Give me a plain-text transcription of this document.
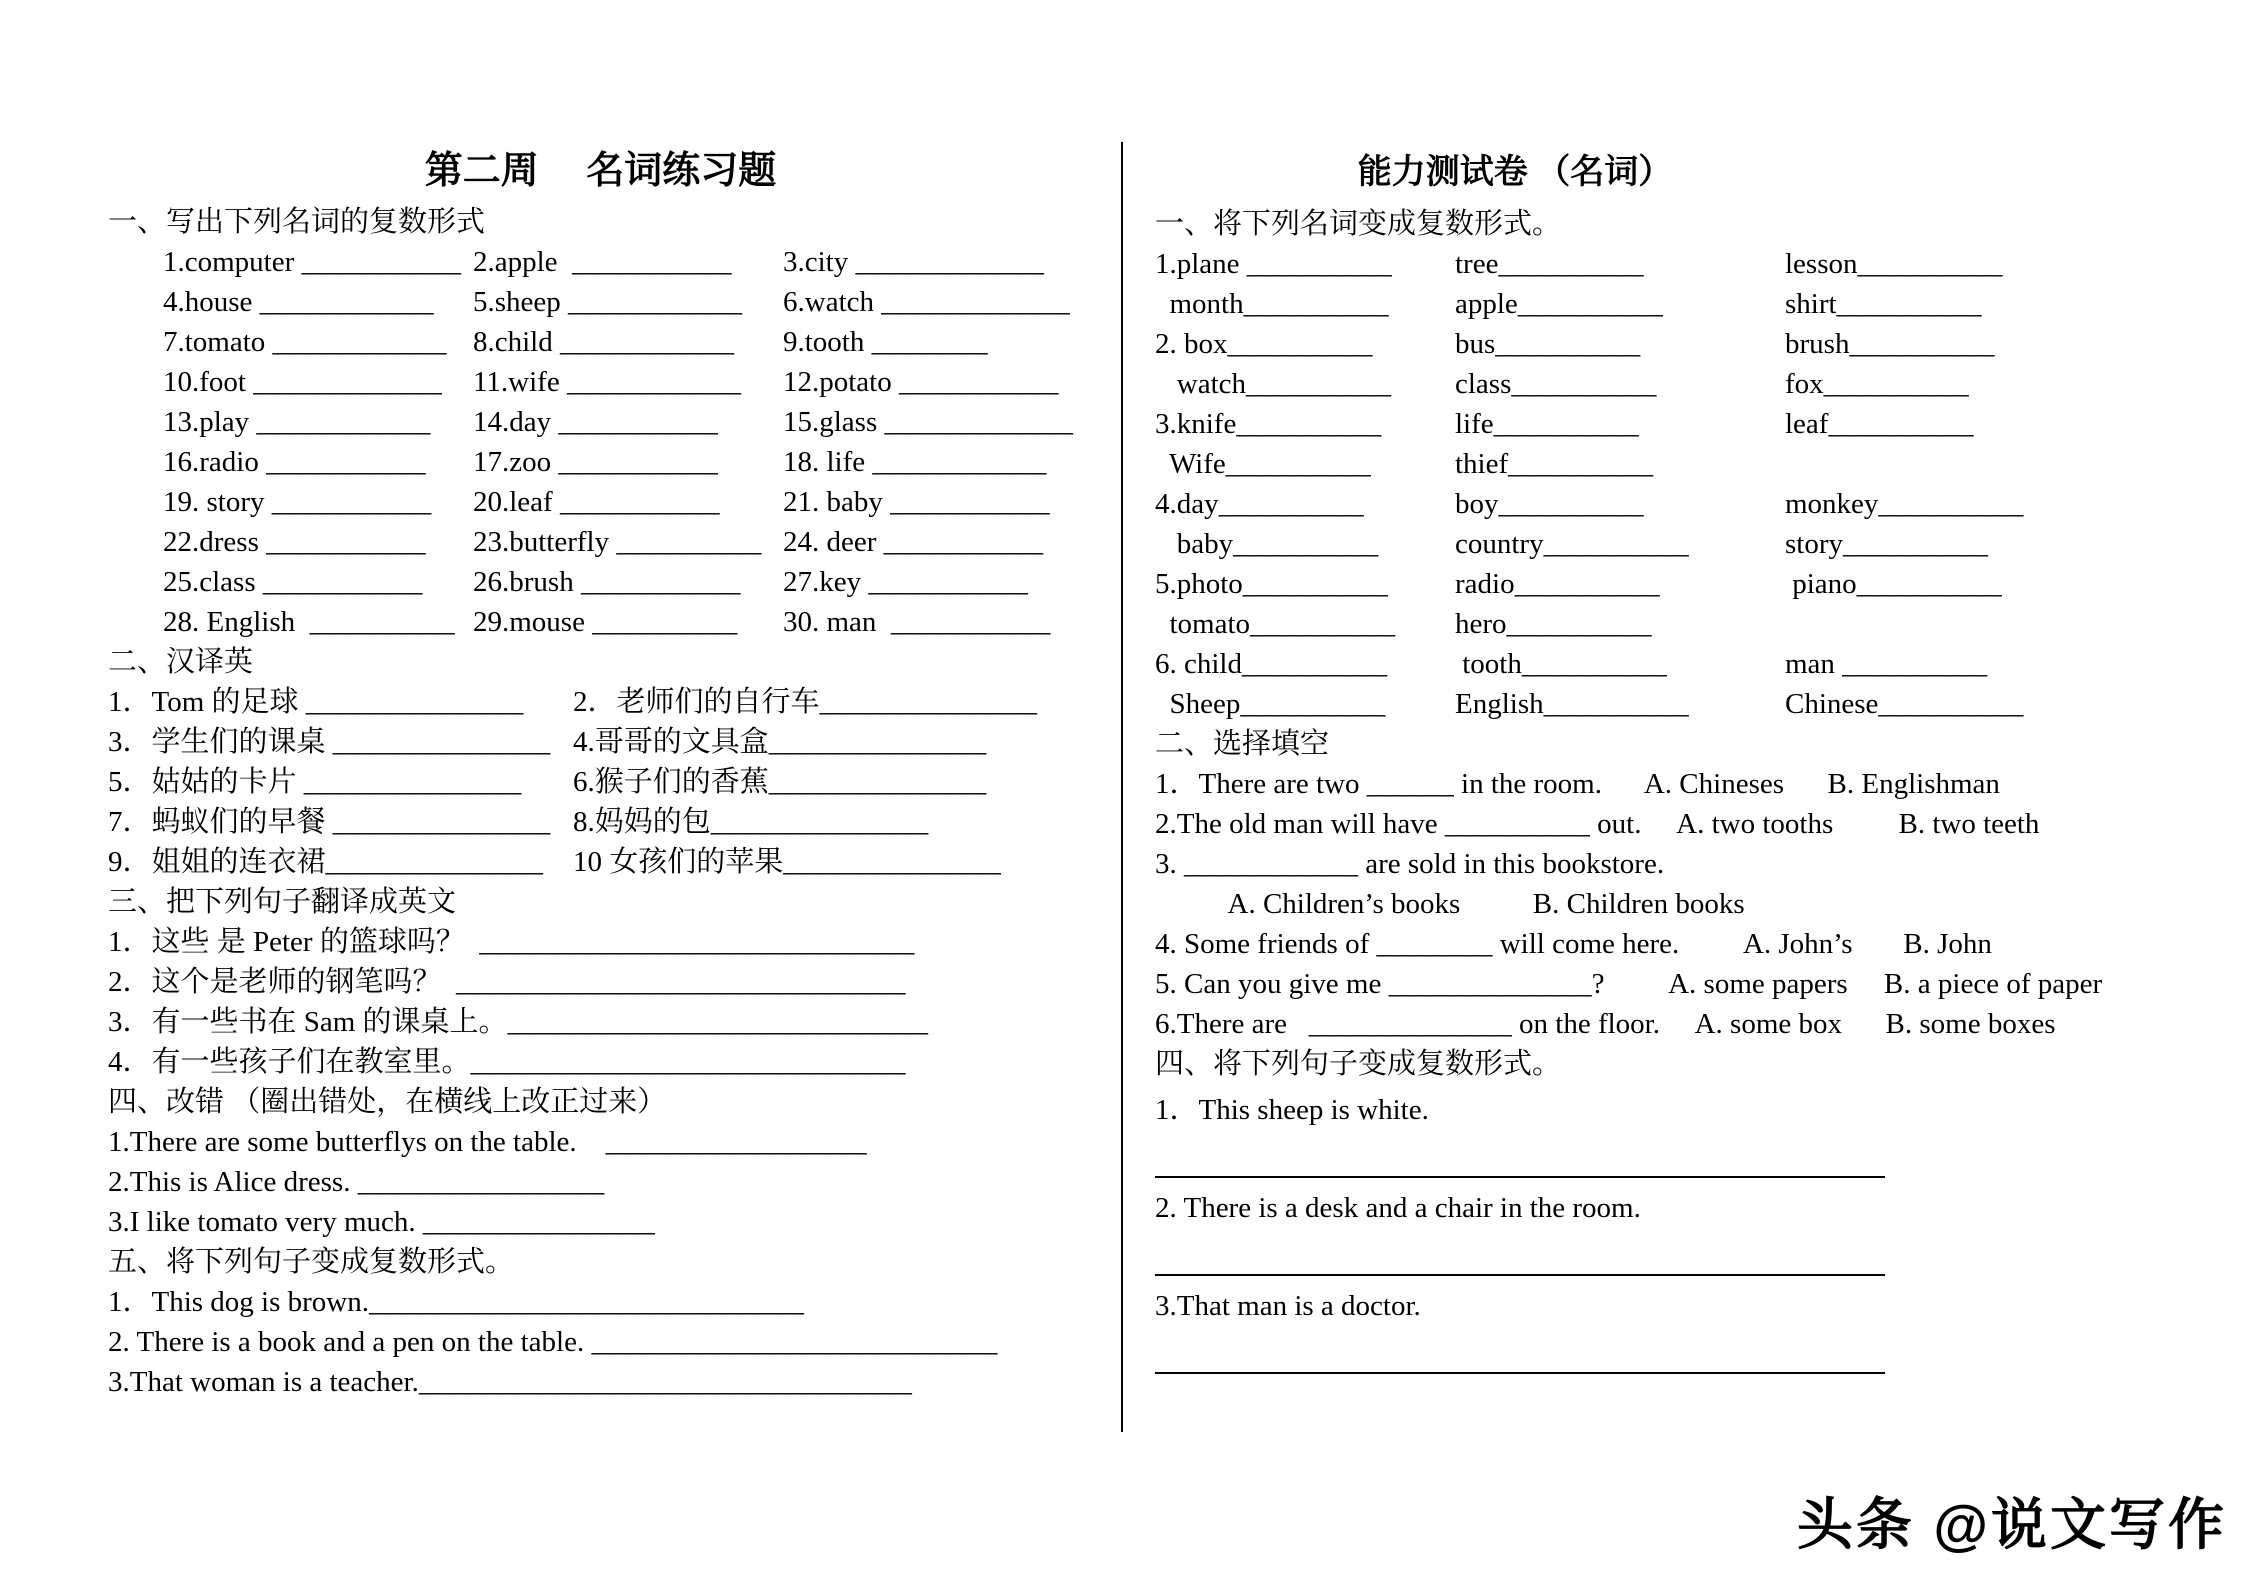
第二周　 名词练习题
一、写出下列名词的复数形式
1.computer ___________ 2.apple  ___________	3.city _____________
4.house ____________	5.sheep ____________	6.watch _____________
7.tomato ____________ 8.child ____________	9.tooth ________
10.foot _____________	11.wife ____________	12.potato ___________
13.play ____________	14.day ___________	15.glass _____________
16.radio ___________	17.zoo ___________	18. life ____________
19. story ___________	20.leaf ___________	21. baby ___________
22.dress ___________	23.butterfly __________ 24. deer ___________
25.class ___________	26.brush ___________	27.key ___________
28. English  __________ 29.mouse __________	30. man  ___________
二、汉译英
1．Tom 的足球 _______________	2．老师们的自行车_______________
3．学生们的课桌 _______________ 4.哥哥的文具盒_______________
5．姑姑的卡片 _______________	6.猴子们的香蕉_______________
7．蚂蚁们的早餐 _______________ 8.妈妈的包_______________
9．姐姐的连衣裙_______________	10 女孩们的苹果_______________
三、把下列句子翻译成英文
1．这些 是 Peter 的篮球吗？  ______________________________
2．这个是老师的钢笔吗？  _______________________________
3．有一些书在 Sam 的课桌上。_____________________________
4．有一些孩子们在教室里。______________________________
四、改错 （圈出错处，在横线上改正过来）
1.There are some butterflys on the table.    __________________
2.This is Alice dress. _________________
3.I like tomato very much. ________________
五、将下列句子变成复数形式。
1．This dog is brown.______________________________
2. There is a book and a pen on the table. ____________________________
3.That woman is a teacher.__________________________________
能力测试卷 （名词）
一、将下列名词变成复数形式。
1.plane __________	tree__________	lesson__________
month__________	apple__________	shirt__________
2. box__________	bus__________	brush__________
watch__________	class__________	fox__________
3.knife__________	life__________	leaf__________
Wife__________	thief__________
4.day__________	boy__________	monkey__________
baby__________	country__________	story__________
5.photo__________	radio__________	piano__________
tomato__________	hero__________
6. child__________	tooth__________	man __________
Sheep__________	English__________	Chinese__________
二、选择填空
1．There are two ______ in the room.      A. Chineses      B. Englishman
2.The old man will have __________ out.     A. two tooths         B. two teeth
3. ____________ are sold in this bookstore.
A. Children’s books          B. Children books
4. Some friends of ________ will come here.         A. John’s       B. John
5. Can you give me ______________?         A. some papers     B. a piece of paper
6.There are   ______________ on the floor.     A. some box      B. some boxes
四、将下列句子变成复数形式。
1．This sheep is white.
2. There is a desk and a chair in the room.
3.That man is a doctor.
头条 @说文写作
